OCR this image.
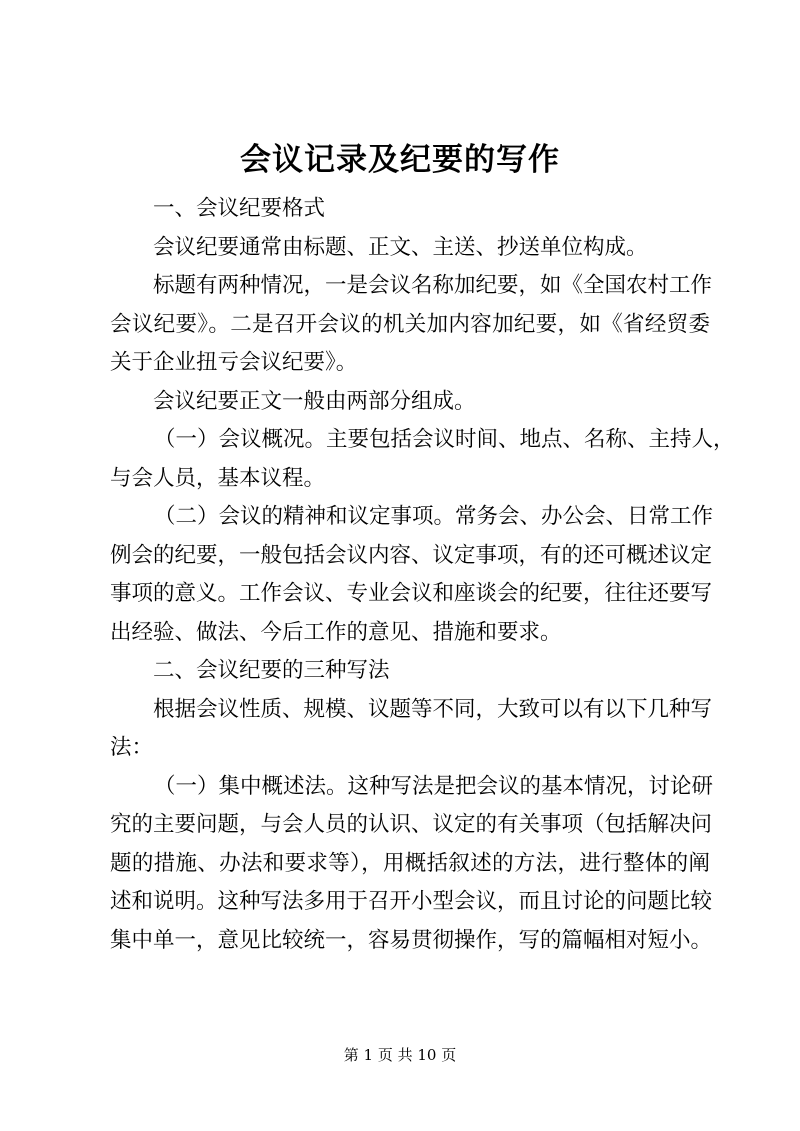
会议记录及纪要的写作
一、会议纪要格式
会议纪要通常由标题、正文、主送、抄送单位构成。
标题有两种情况，一是会议名称加纪要，如《全国农村工作
会议纪要》。二是召开会议的机关加内容加纪要，如《省经贸委
关于企业扭亏会议纪要》。
会议纪要正文一般由两部分组成。
（一）会议概况。主要包括会议时间、地点、名称、主持人，
与会人员，基本议程。
（二）会议的精神和议定事项。常务会、办公会、日常工作
例会的纪要，一般包括会议内容、议定事项，有的还可概述议定
事项的意义。工作会议、专业会议和座谈会的纪要，往往还要写
出经验、做法、今后工作的意见、措施和要求。
二、会议纪要的三种写法
根据会议性质、规模、议题等不同，大致可以有以下几种写
法：
（一）集中概述法。这种写法是把会议的基本情况，讨论研
究的主要问题，与会人员的认识、议定的有关事项（包括解决问
题的措施、办法和要求等），用概括叙述的方法，进行整体的阐
述和说明。这种写法多用于召开小型会议，而且讨论的问题比较
集中单一，意见比较统一，容易贯彻操作，写的篇幅相对短小。
第 1 页 共 10 页
